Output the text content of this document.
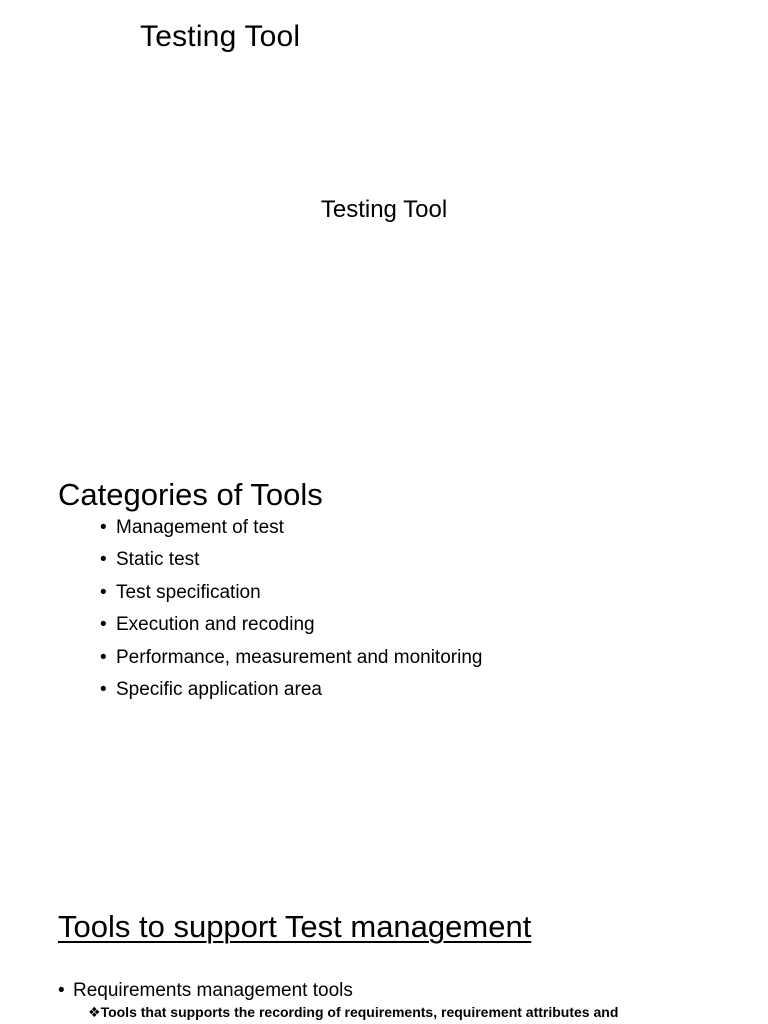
Testing Tool
Testing Tool
Categories of Tools
• Management of test
• Static test
• Test specification
• Execution and recoding
• Performance, measurement and monitoring
• Specific application area
Tools to support Test management
• Requirements management tools
❖Tools that supports the recording of requirements, requirement attributes and
